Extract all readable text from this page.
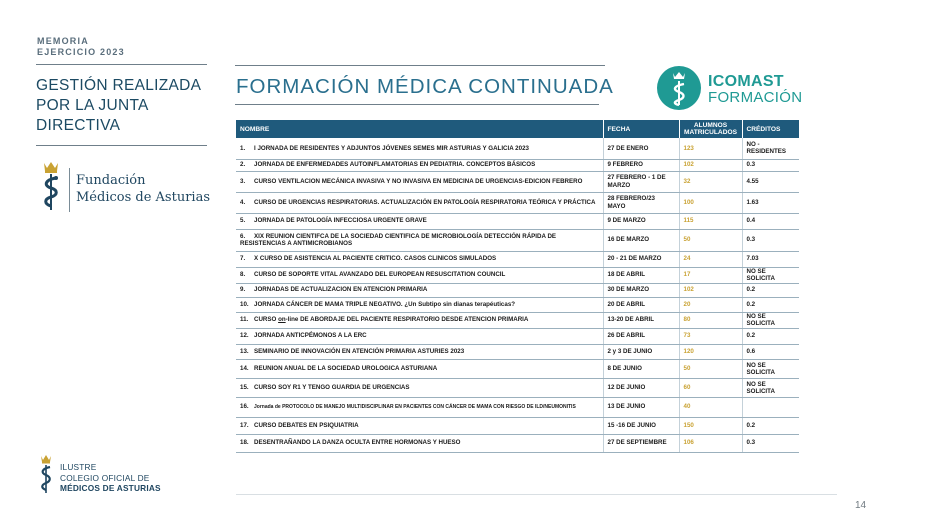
MEMORIA
EJERCICIO 2023
GESTIÓN REALIZADA
POR LA JUNTA
DIRECTIVA
Fundación
Médicos de Asturias
FORMACIÓN MÉDICA CONTINUADA	ICOMAST
FORMACIÓN
NOMBRE	FECHA	ALUMNOS
MATRICULADOS	CRÉDITOS
1. I JORNADA DE RESIDENTES Y ADJUNTOS JÓVENES SEMES MIR ASTURIAS Y GALICIA 2023	27 DE ENERO	123	NO - RESIDENTES
2. JORNADA DE ENFERMEDADES AUTOINFLAMATORIAS EN PEDIATRIA. CONCEPTOS BÁSICOS	9 FEBRERO	102	0.3
3. CURSO VENTILACION MECÁNICA INVASIVA Y NO INVASIVA EN MEDICINA DE URGENCIAS-EDICION FEBRERO	27 FEBRERO - 1 DE MARZO	32	4.55
4. CURSO DE URGENCIAS RESPIRATORIAS. ACTUALIZACIÓN EN PATOLOGÍA RESPIRATORIA TEÓRICA Y PRÁCTICA	28 FEBRERO/23 MAYO	100	1.63
5. JORNADA DE PATOLOGÍA INFECCIOSA URGENTE GRAVE	9 DE MARZO	115	0.4
6. XIX REUNION CIENTIFCA DE LA SOCIEDAD CIENTIFICA DE MICROBIOLOGÍA DETECCIÓN RÁPIDA DE RESISTENCIAS A ANTIMICROBIANOS	16 DE MARZO	50	0.3
7. X CURSO DE ASISTENCIA AL PACIENTE CRITICO. CASOS CLINICOS SIMULADOS	20 - 21 DE MARZO	24	7.03
8. CURSO DE SOPORTE VITAL AVANZADO DEL EUROPEAN RESUSCITATION COUNCIL	18 DE ABRIL	17	NO SE SOLICITA
9. JORNADAS DE ACTUALIZACION EN ATENCION PRIMARIA	30 DE MARZO	102	0.2
10. JORNADA CÁNCER DE MAMA TRIPLE NEGATIVO. ¿Un Subtipo sin dianas terapéuticas?	20 DE ABRIL	20	0.2
11. CURSO on-line DE ABORDAJE DEL PACIENTE RESPIRATORIO DESDE ATENCION PRIMARIA	13-20 DE ABRIL	80	NO SE SOLICITA
12. JORNADA ANTICPÉMONOS A LA ERC	26 DE ABRIL	73	0.2
13. SEMINARIO DE INNOVACIÓN EN ATENCIÓN PRIMARIA ASTURIES 2023	2 y 3 DE JUNIO	120	0.6
14. REUNION ANUAL DE LA SOCIEDAD UROLOGICA ASTURIANA	8 DE JUNIO	50	NO SE SOLICITA
15. CURSO SOY R1 Y TENGO GUARDIA DE URGENCIAS	12 DE JUNIO	60	NO SE SOLICITA
16. Jornada de PROTOCOLO DE MANEJO MULTIDISCIPLINAR EN PACIENTES CON CÁNCER DE MAMA CON RIESGO DE ILD/NEUMONITIS	13 DE JUNIO	40	
17. CURSO DEBATES EN PSIQUIATRIA	15 -16 DE JUNIO	150	0.2
18. DESENTRAÑANDO LA DANZA OCULTA ENTRE HORMONAS Y HUESO	27 DE SEPTIEMBRE	106	0.3
ILUSTRE
COLEGIO OFICIAL DE
MÉDICOS DE ASTURIAS
14
